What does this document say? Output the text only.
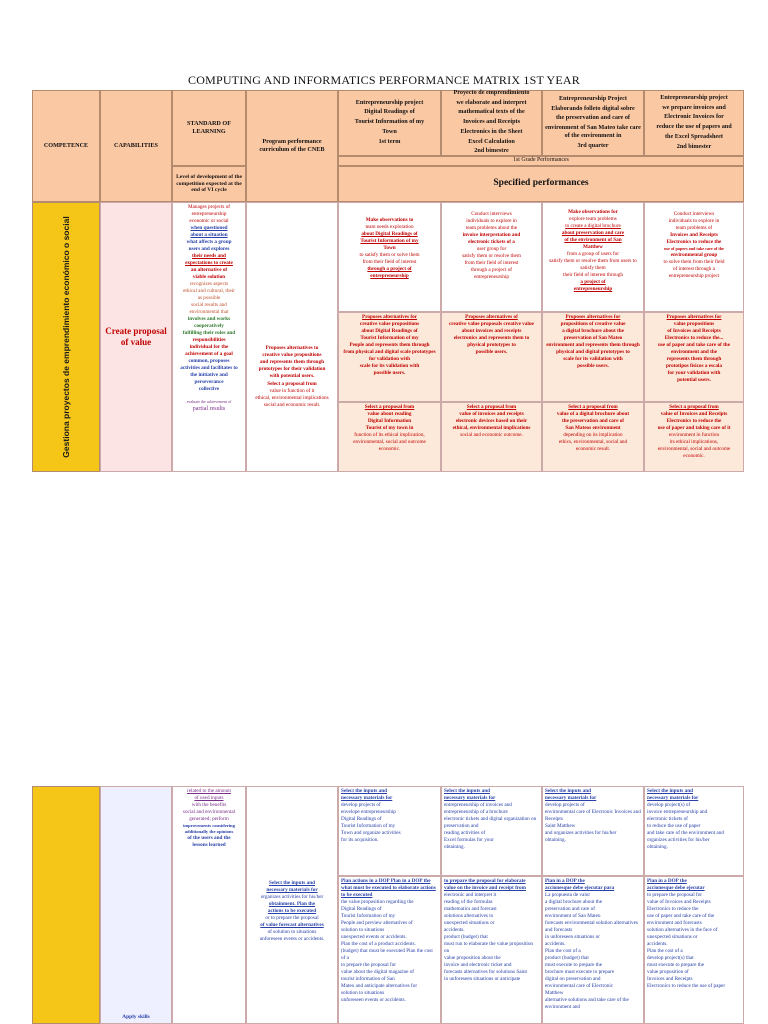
COMPUTING AND INFORMATICS PERFORMANCE MATRIX 1ST YEAR
COMPETENCE	CAPABILITIES
STANDARD OF LEARNING
Program performance curriculum of the CNEB
Level of development of the competition expected at the end of VI cycle
Entrepreneurship project
Digital Readings of
Tourist Information of my
Town
1st term
Proyecto de emprendimiento
we elaborate and interpret
mathematical texts of the
Invoices and Receipts
Electronics in the Sheet
Excel Calculation
2nd bimestre
Entrepreneurship Project
Elaborando folleto digital sobre
the preservation and care of
environment of San Mateo take care of the environment in
3rd quarter
Entrepreneurship project
we prepare invoices and
Electronic Invoices for
reduce the use of papers and
the Excel Spreadsheet
2nd bimester
1st Grade Performances
Specified performances
Gestiona proyectos de emprendimiento económico o social	Create proposal of value
Manages projects of
entrepreneurship
economic or social
when questioned
about a situation
what affects a group
users and explores
their needs and
expectations to create
an alternative of
viable solution
recognizes aspects
ethical and cultural, their
as possible
social results and
environmental that
involves and works
cooperatively
fulfilling their roles and
responsibilities
individual for the
achievement of a goal
common, proposes
activities and facilitates to
the initiative and
perseverance
collective
evaluate the achievement of
partial results
Proposes alternatives to
creative value propositions
and represents them through
prototypes for their validation
with potential users.
Select a proposal from
value in function of it
ethical, environmental implications
social and economic result.
Make observations to
team needs exploration
about Digital Readings of
Tourist Information of my
Town
to satisfy them or solve them
from their field of interest
through a project of
entrepreneurship
Conduct interviews
individuals to explore in
team problems about the
invoice interpretation and
electronic tickets of a
user group for
satisfy them or resolve them
from their field of interest
through a project of
entrepreneurship
Make observations for
explore team problems
to create a digital brochure
about preservation and care
of the environment of San
Matthew
from a group of users for
satisfy them or resolve them from users to satisfy them
their field of interest through
a project of
entrepreneurship
Conduct interviews
individuals to explore in
team problems of
Invoices and Receipts
Electronics to reduce the
use of papers and take care of the
environmental group
to solve them from their field
of interest through a
entrepreneurship project
Proposes alternatives for
creative value propositions
about Digital Readings of
Tourist Information of my
People and represents them through
from physical and digital scale prototypes for validation with
scale for its validation with
possible users.
Proposes alternatives of
creative value proposals creative value
about invoices and receipts
electronics and represents them to
physical prototypes to
possible users.
Proposes alternatives for
propositions of creative value
a digital brochure about the
preservation of San Mateo
environment and represents them through
physical and digital prototypes to
scale for its validation with
possible users.
Proposes alternatives for
value propositions
of Invoices and Receipts
Electronics to reduce the...
use of paper and take care of the
environment and the
represents them through
prototipos físicos a escala
for your validation with
potential users.
Select a proposal from
value about reading
Digital Information
Tourist of my town in
function of its ethical implication,
environmental, social and outcome
economic.
Select a proposal from
value of invoices and receipts
electronic devices based on their
ethical, environmental implications
social and economic outcome.
Select a proposal from
value of a digital brochure about
the preservation and care of
San Mateos environment
depending on its implication
ethics, environmental, social and
economic result.
Select a proposal from
value of Invoices and Receipts
Electronics to reduce the
use of paper and taking care of it
environment in function
its ethical implications,
environmental, social and outcome
economic.
Apply skills
related to the amount
of used inputs
with the benefits
social and environmental
generated; perform
improvements considering
additionally the opinions
of the users and the
lessons learned
Select the inputs and
necessary materials for
organizes activities for his/her
obtainment. Plan the
actions to be executed
or to prepare the proposal
of value forecast alternatives
of solution to situations
unforeseen events or accidents.
Select the inputs and
necessary materials for
develop projects of
envelope entrepreneurship
Digital Readings of
Tourist Information of my
Town and organize activities
for its acquisition.
Select the inputs and
necessary materials for
entrepreneurship of invoices and entrepreneurship of a brochure
electronic tickets and digital organization on preservation and
reading activities of
Excel formulas for your
obtaining.
Select the inputs and
necessary materials for
develop projects of
environmental care of Electronic Invoices and Receipts
Saint Matthew
and organizes activities for his/her
obtaining.
Select the inputs and
necessary materials for
develop project(s) of
invoice entrepreneurship and
electronic tickets of
to reduce the use of paper
and take care of the environment and
organizes activities for his/her
obtaining.
Plan actions in a DOP Plan in a DOP the
what must be executed to elaborate actions to be executed
the value proposition regarding the
Digital Readings of
Tourist Information of my
People and preview alternatives of
solution to situations
unexpected events or accidents.
Plan the cost of a product accidents.
(budget) that must be executed Plan the cost of a
to prepare the proposal for
value about the digital magazine of
tourist information of San
Mateo and anticipate alternatives for
solution to situations
unforeseen events or accidents.
to prepare the proposal for elaborate
value on the invoice and receipt from
electronic and interpret it
reading of the formulas
mathematics and forecast
solutions alternatives to
unexpected situations or
accidents.
product (budget) that
must run to elaborate the value proposition on
value proposition about the
invoice and electronic ticket and
forecasts alternatives for solutions Saint
in unforeseen situations or anticipate
Plan in a DOP the
accionesque debe ejecutar para
La propuesta de valor
a digital brochure about the
preservation and care of
environment of San Mateo
forecasts environmental solution alternatives and forecasts
in unforeseen situations or
accidents.
Plan the cost of a
product (budget) that
must execute to prepare the
brochure must execute to prepare
digital on preservation and
environmental care of Electronic
Matthew
alternative solutions and take care of the environment and
Plan in a DOP the
accionesque debe ejecutar
to prepare the proposal for
value of Invoices and Receipts
Electronics to reduce the
use of paper and take care of the
environment and forecasts
solution alternatives in the face of
unexpected situations or
accidents.
Plan the cost of a
develop project(s) that
must execute to prepare the
value proposition of
Invoices and Receipts
Electronics to reduce the use of paper
